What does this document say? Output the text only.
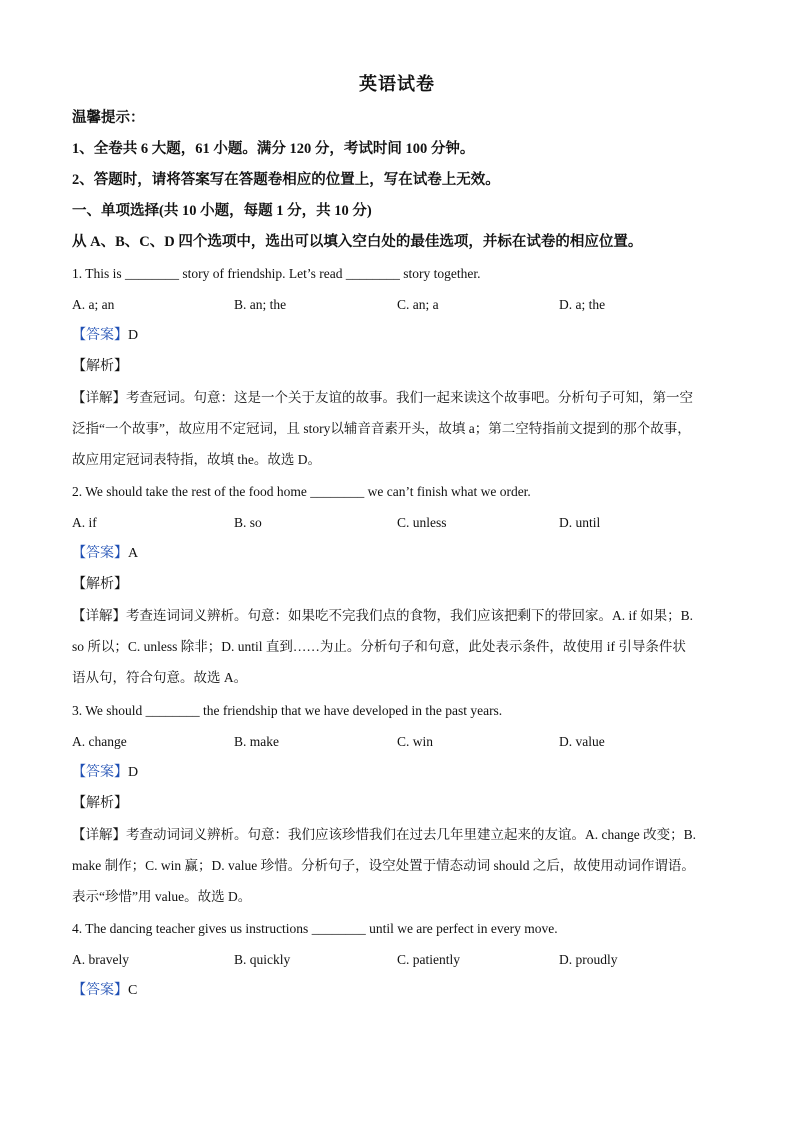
英语试卷
温馨提示：
1、全卷共 6 大题，61 小题。满分 120 分，考试时间 100 分钟。
2、答题时，请将答案写在答题卷相应的位置上，写在试卷上无效。
一、单项选择(共 10 小题，每题 1 分，共 10 分)
从 A、B、C、D 四个选项中，选出可以填入空白处的最佳选项，并标在试卷的相应位置。
1. This is ________ story of friendship. Let’s read ________ story together.
A. a; an	B. an; the	C. an; a	D. a; the
【答案】D
【解析】
【详解】考查冠词。句意：这是一个关于友谊的故事。我们一起来读这个故事吧。分析句子可知，第一空
泛指“一个故事”，故应用不定冠词，且 story以辅音音素开头，故填 a；第二空特指前文提到的那个故事，
故应用定冠词表特指，故填 the。故选 D。
2. We should take the rest of the food home ________ we can’t finish what we order.
A. if	B. so	C. unless	D. until
【答案】A
【解析】
【详解】考查连词词义辨析。句意：如果吃不完我们点的食物，我们应该把剩下的带回家。A. if 如果；B.
so 所以；C. unless 除非；D. until 直到……为止。分析句子和句意，此处表示条件，故使用 if 引导条件状
语从句，符合句意。故选 A。
3. We should ________ the friendship that we have developed in the past years.
A. change	B. make	C. win	D. value
【答案】D
【解析】
【详解】考查动词词义辨析。句意：我们应该珍惜我们在过去几年里建立起来的友谊。A. change 改变；B.
make 制作；C. win 赢；D. value 珍惜。分析句子，设空处置于情态动词 should 之后，故使用动词作谓语。
表示“珍惜”用 value。故选 D。
4. The dancing teacher gives us instructions ________ until we are perfect in every move.
A. bravely	B. quickly	C. patiently	D. proudly
【答案】C
